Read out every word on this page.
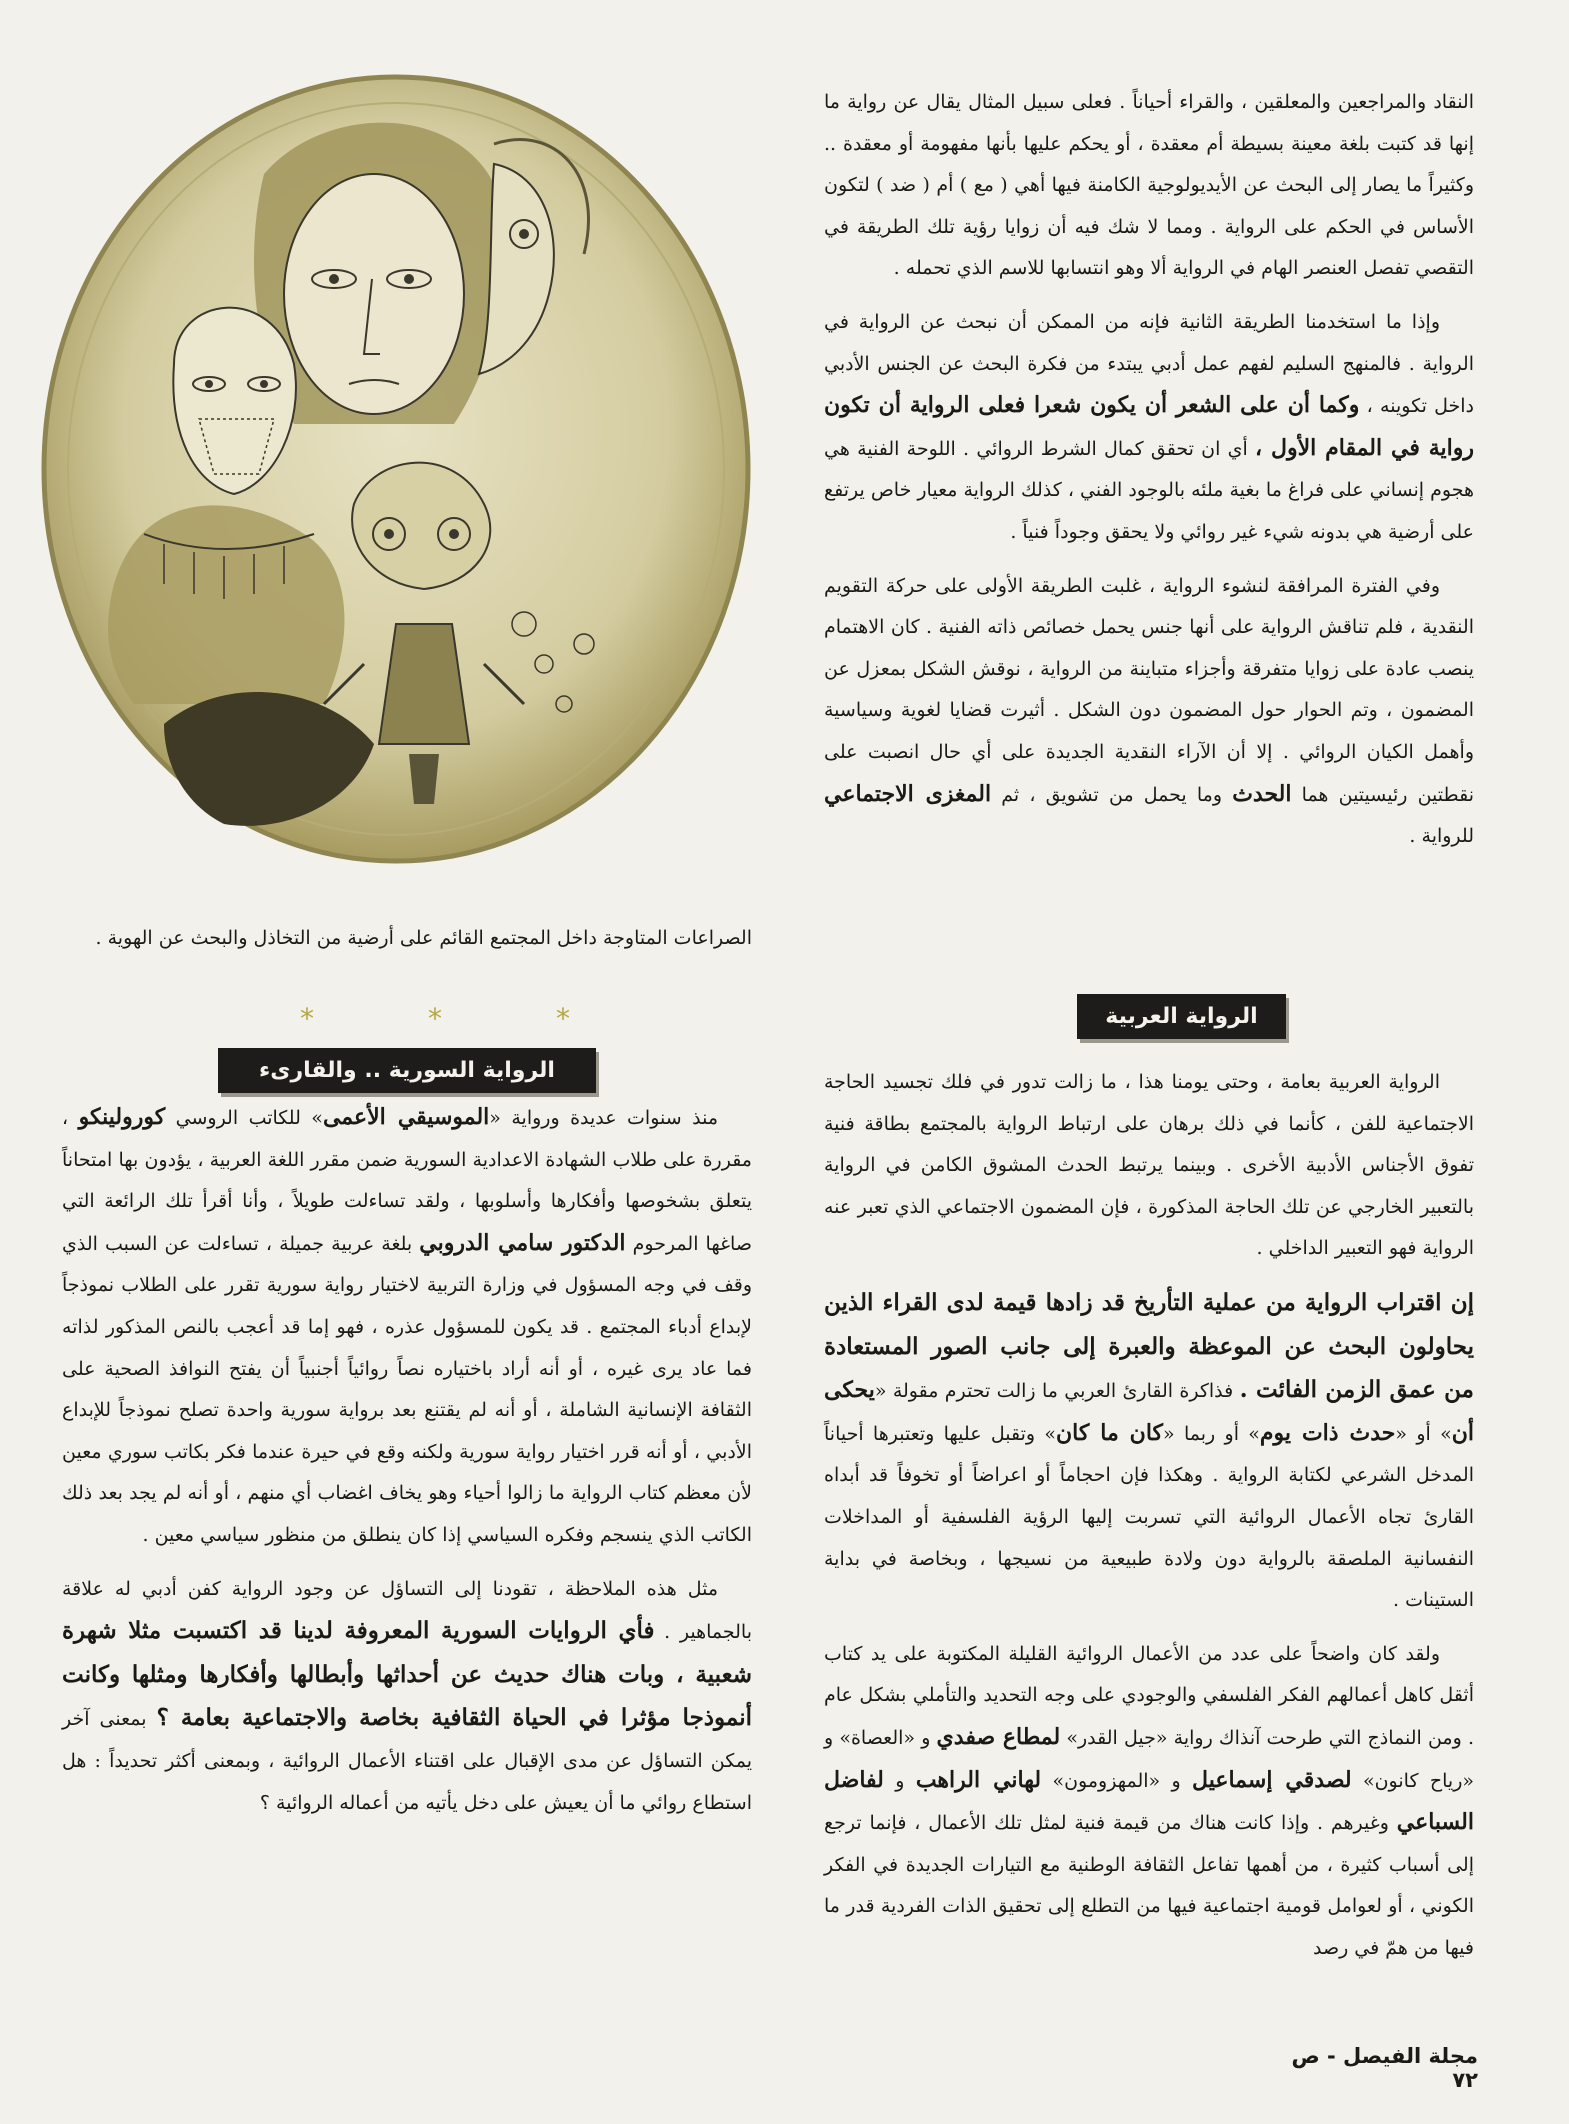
النقاد والمراجعين والمعلقين ، والقراء أحياناً . فعلى سبيل المثال يقال عن رواية ما إنها قد كتبت بلغة معينة بسيطة أم معقدة ، أو يحكم عليها بأنها مفهومة أو معقدة .. وكثيراً ما يصار إلى البحث عن الأيديولوجية الكامنة فيها أهي ( مع ) أم ( ضد ) لتكون الأساس في الحكم على الرواية . ومما لا شك فيه أن زوايا رؤية تلك الطريقة في التقصي تفصل العنصر الهام في الرواية ألا وهو انتسابها للاسم الذي تحمله .

وإذا ما استخدمنا الطريقة الثانية فإنه من الممكن أن نبحث عن الرواية في الرواية . فالمنهج السليم لفهم عمل أدبي يبتدء من فكرة البحث عن الجنس الأدبي داخل تكوينه ، وكما أن على الشعر أن يكون شعرا فعلى الرواية أن تكون رواية في المقام الأول ، أي ان تحقق كمال الشرط الروائي . اللوحة الفنية هي هجوم إنساني على فراغ ما بغية ملئه بالوجود الفني ، كذلك الرواية معيار خاص يرتفع على أرضية هي بدونه شيء غير روائي ولا يحقق وجوداً فنياً .

وفي الفترة المرافقة لنشوء الرواية ، غلبت الطريقة الأولى على حركة التقويم النقدية ، فلم تناقش الرواية على أنها جنس يحمل خصائص ذاته الفنية . كان الاهتمام ينصب عادة على زوايا متفرقة وأجزاء متباينة من الرواية ، نوقش الشكل بمعزل عن المضمون ، وتم الحوار حول المضمون دون الشكل . أثيرت قضايا لغوية وسياسية وأهمل الكيان الروائي . إلا أن الآراء النقدية الجديدة على أي حال انصبت على نقطتين رئيسيتين هما الحدث وما يحمل من تشويق ، ثم المغزى الاجتماعي للرواية .

الرواية العربية

الرواية العربية بعامة ، وحتى يومنا هذا ، ما زالت تدور في فلك تجسيد الحاجة الاجتماعية للفن ، كأنما في ذلك برهان على ارتباط الرواية بالمجتمع بطاقة فنية تفوق الأجناس الأدبية الأخرى . وبينما يرتبط الحدث المشوق الكامن في الرواية بالتعبير الخارجي عن تلك الحاجة المذكورة ، فإن المضمون الاجتماعي الذي تعبر عنه الرواية فهو التعبير الداخلي .

إن اقتراب الرواية من عملية التأريخ قد زادها قيمة لدى القراء الذين يحاولون البحث عن الموعظة والعبرة إلى جانب الصور المستعادة من عمق الزمن الفائت . فذاكرة القارئ العربي ما زالت تحترم مقولة «يحكى أن» أو «حدث ذات يوم» أو ربما «كان ما كان» وتقبل عليها وتعتبرها أحياناً المدخل الشرعي لكتابة الرواية . وهكذا فإن احجاماً أو اعراضاً أو تخوفاً قد أبداه القارئ تجاه الأعمال الروائية التي تسربت إليها الرؤية الفلسفية أو المداخلات النفسانية الملصقة بالرواية دون ولادة طبيعية من نسيجها ، وبخاصة في بداية الستينات .

ولقد كان واضحاً على عدد من الأعمال الروائية القليلة المكتوبة على يد كتاب أثقل كاهل أعمالهم الفكر الفلسفي والوجودي على وجه التحديد والتأملي بشكل عام . ومن النماذج التي طرحت آنذاك رواية «جيل القدر» لمطاع صفدي و «العصاة» و «رياح كانون» لصدقي إسماعيل و «المهزومون» لهاني الراهب و لفاضل السباعي وغيرهم . وإذا كانت هناك من قيمة فنية لمثل تلك الأعمال ، فإنما ترجع إلى أسباب كثيرة ، من أهمها تفاعل الثقافة الوطنية مع التيارات الجديدة في الفكر الكوني ، أو لعوامل قومية اجتماعية فيها من التطلع إلى تحقيق الذات الفردية قدر ما فيها من همّ في رصد

الصراعات المتاوجة داخل المجتمع القائم على أرضية من التخاذل والبحث عن الهوية .

*	*	*
الرواية السورية .. والقارىء

منذ سنوات عديدة ورواية «الموسيقي الأعمى» للكاتب الروسي كورولينكو ، مقررة على طلاب الشهادة الاعدادية السورية ضمن مقرر اللغة العربية ، يؤدون بها امتحاناً يتعلق بشخوصها وأفكارها وأسلوبها ، ولقد تساءلت طويلاً ، وأنا أقرأ تلك الرائعة التي صاغها المرحوم الدكتور سامي الدروبي بلغة عربية جميلة ، تساءلت عن السبب الذي وقف في وجه المسؤول في وزارة التربية لاختيار رواية سورية تقرر على الطلاب نموذجاً لإبداع أدباء المجتمع . قد يكون للمسؤول عذره ، فهو إما قد أعجب بالنص المذكور لذاته فما عاد يرى غيره ، أو أنه أراد باختياره نصاً روائياً أجنبياً أن يفتح النوافذ الصحية على الثقافة الإنسانية الشاملة ، أو أنه لم يقتنع بعد برواية سورية واحدة تصلح نموذجاً للإبداع الأدبي ، أو أنه قرر اختيار رواية سورية ولكنه وقع في حيرة عندما فكر بكاتب سوري معين لأن معظم كتاب الرواية ما زالوا أحياء وهو يخاف اغضاب أي منهم ، أو أنه لم يجد بعد ذلك الكاتب الذي ينسجم وفكره السياسي إذا كان ينطلق من منظور سياسي معين .

مثل هذه الملاحظة ، تقودنا إلى التساؤل عن وجود الرواية كفن أدبي له علاقة بالجماهير . فأي الروايات السورية المعروفة لدينا قد اكتسبت مثلا شهرة شعبية ، وبات هناك حديث عن أحداثها وأبطالها وأفكارها ومثلها وكانت أنموذجا مؤثرا في الحياة الثقافية بخاصة والاجتماعية بعامة ؟ بمعنى آخر يمكن التساؤل عن مدى الإقبال على اقتناء الأعمال الروائية ، وبمعنى أكثر تحديداً : هل استطاع روائي ما أن يعيش على دخل يأتيه من أعماله الروائية ؟

مجلة الفيصل - ص ٧٢
